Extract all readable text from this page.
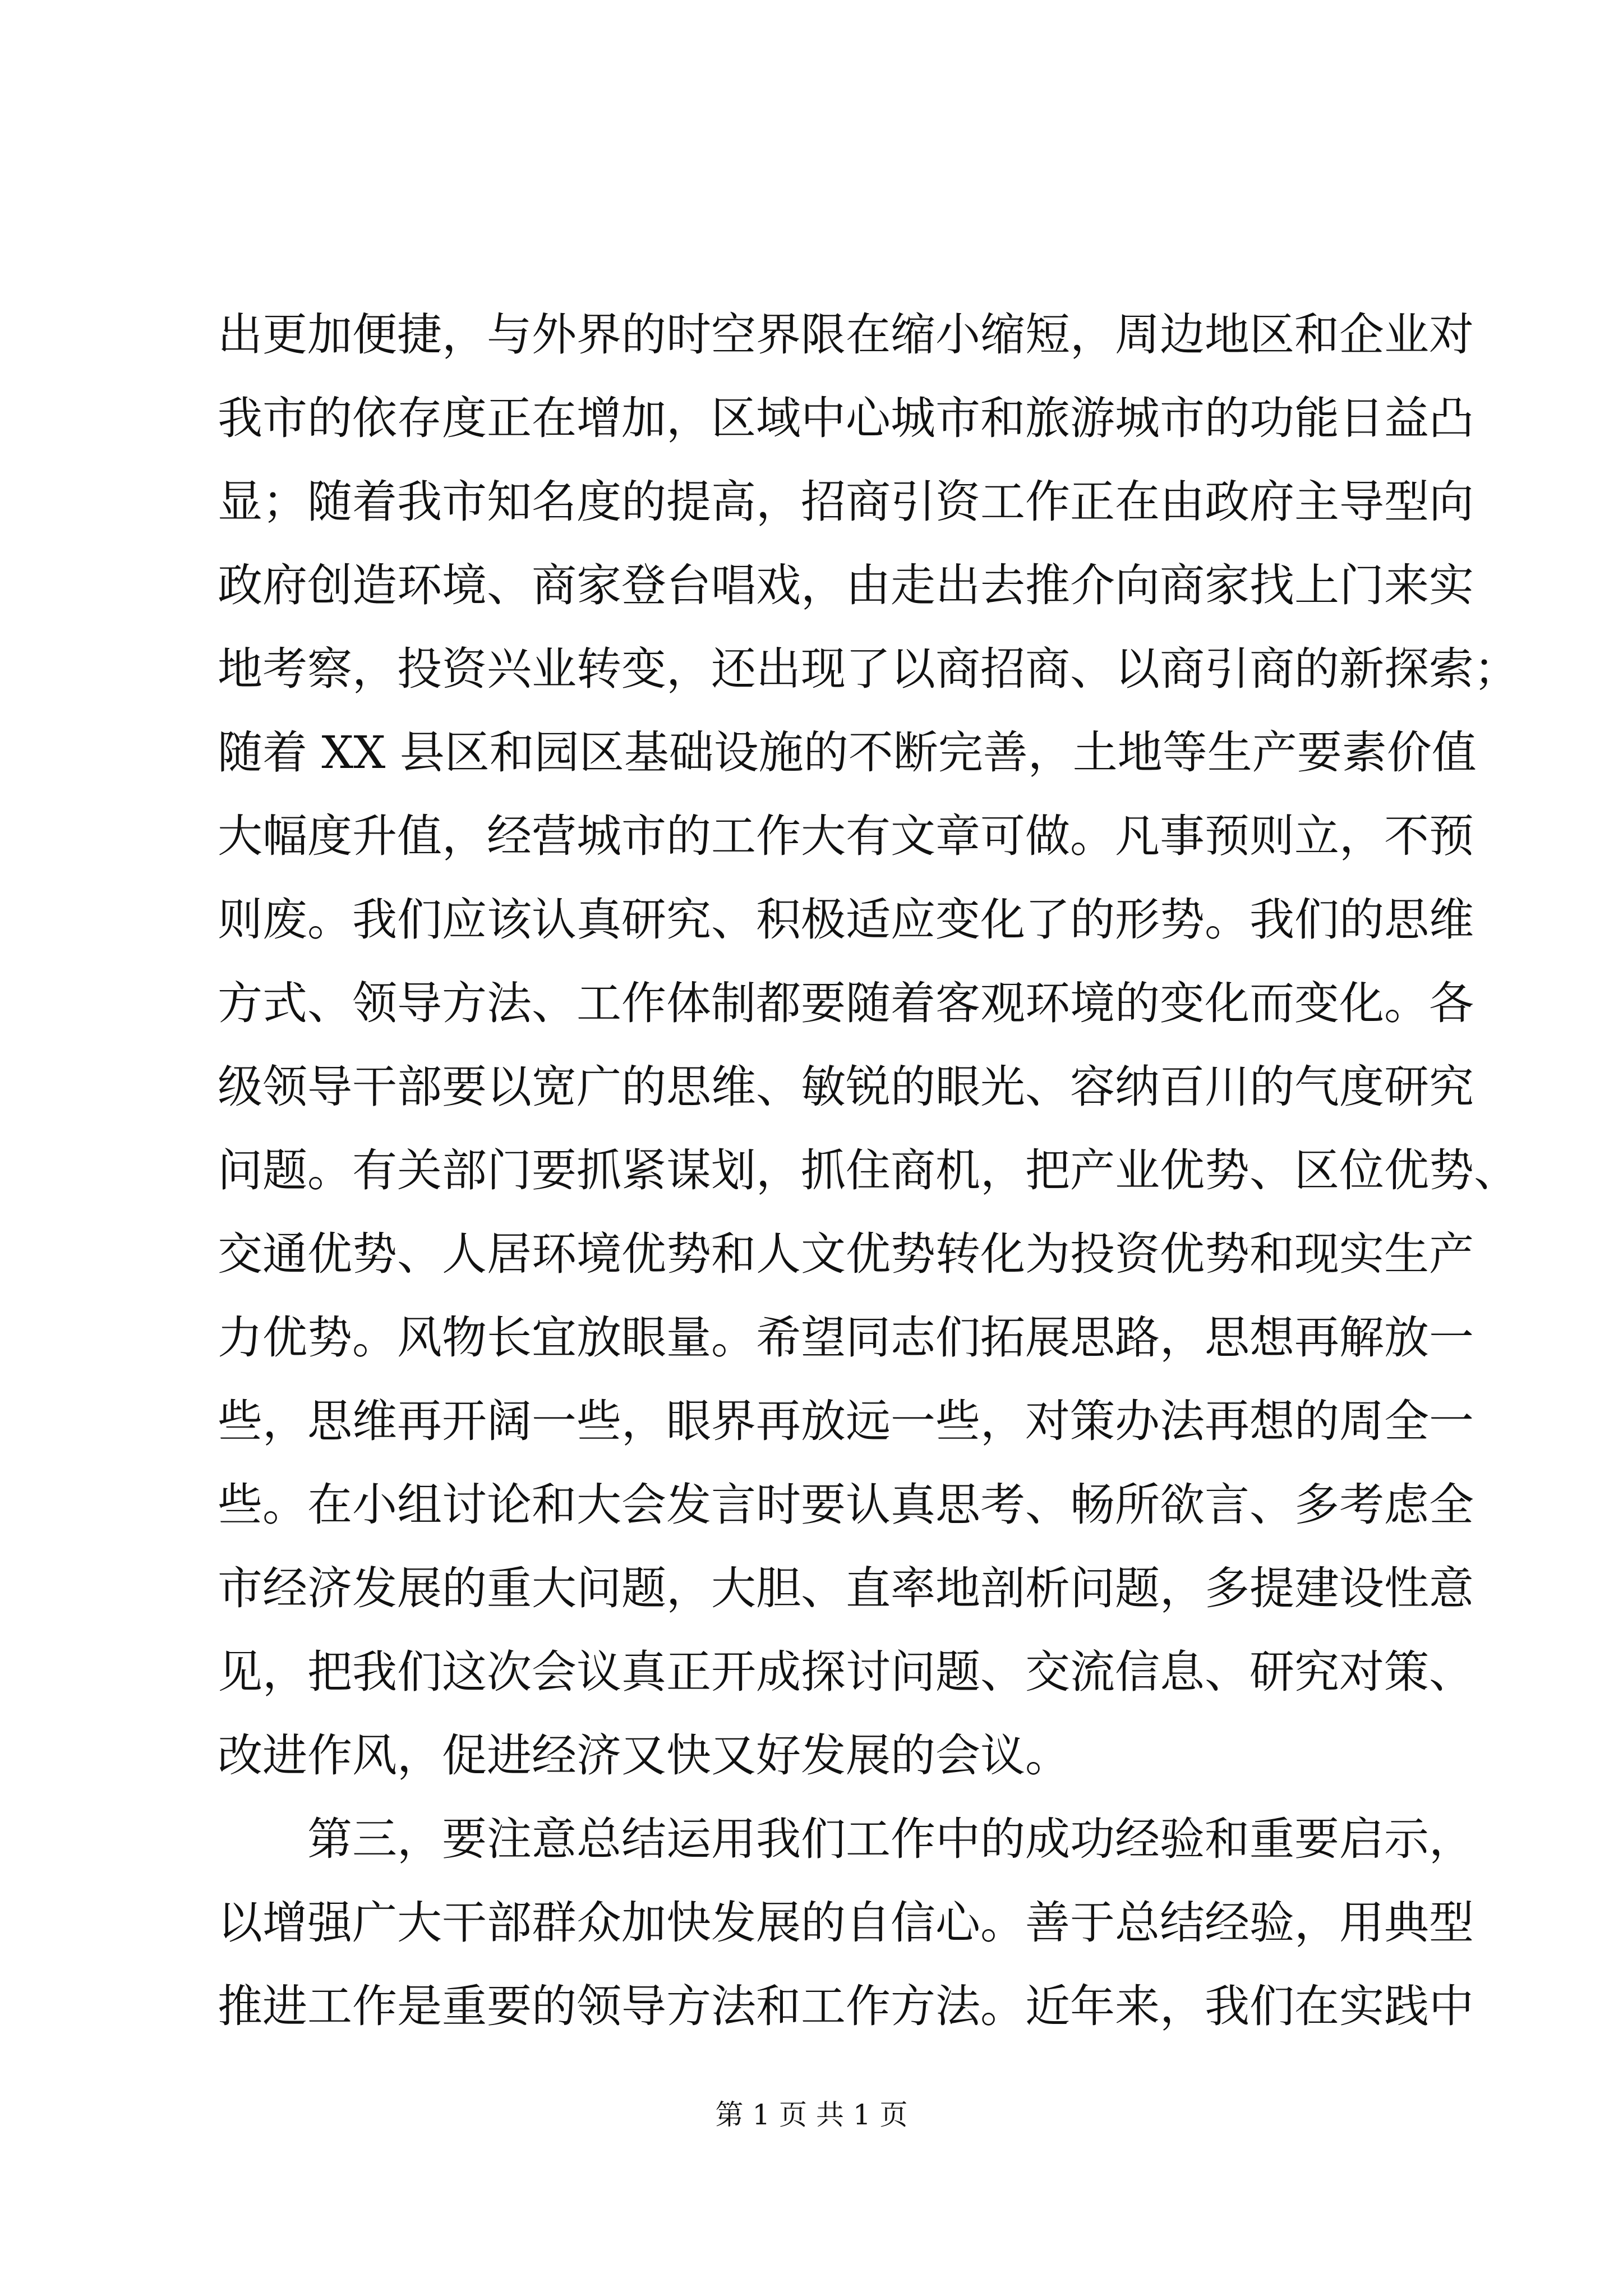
出更加便捷，与外界的时空界限在缩小缩短，周边地区和企业对
我市的依存度正在增加，区域中心城市和旅游城市的功能日益凸
显；随着我市知名度的提高，招商引资工作正在由政府主导型向
政府创造环境、商家登台唱戏，由走出去推介向商家找上门来实
地考察，投资兴业转变，还出现了以商招商、以商引商的新探索；
随着 XX 县区和园区基础设施的不断完善，土地等生产要素价值
大幅度升值，经营城市的工作大有文章可做。凡事预则立，不预
则废。我们应该认真研究、积极适应变化了的形势。我们的思维
方式、领导方法、工作体制都要随着客观环境的变化而变化。各
级领导干部要以宽广的思维、敏锐的眼光、容纳百川的气度研究
问题。有关部门要抓紧谋划，抓住商机，把产业优势、区位优势、
交通优势、人居环境优势和人文优势转化为投资优势和现实生产
力优势。风物长宜放眼量。希望同志们拓展思路，思想再解放一
些，思维再开阔一些，眼界再放远一些，对策办法再想的周全一
些。在小组讨论和大会发言时要认真思考、畅所欲言、多考虑全
市经济发展的重大问题，大胆、直率地剖析问题，多提建设性意
见，把我们这次会议真正开成探讨问题、交流信息、研究对策、
改进作风，促进经济又快又好发展的会议。
第三，要注意总结运用我们工作中的成功经验和重要启示，
以增强广大干部群众加快发展的自信心。善于总结经验，用典型
推进工作是重要的领导方法和工作方法。近年来，我们在实践中
第 1 页 共 1 页
